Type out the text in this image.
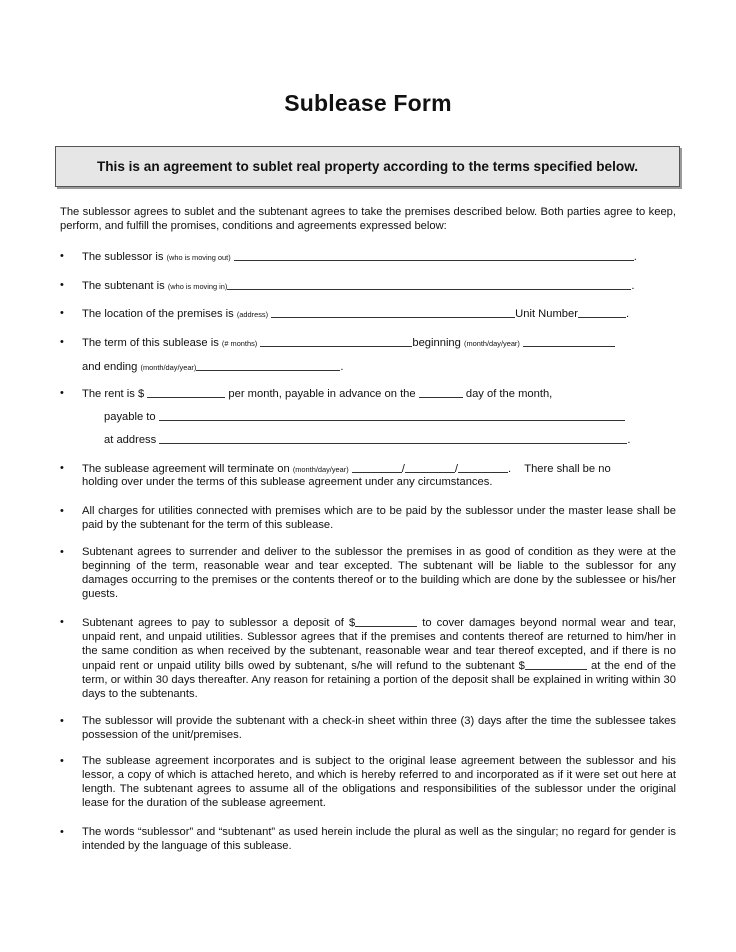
Sublease Form
This is an agreement to sublet real property according to the terms specified below.
The sublessor agrees to sublet and the subtenant agrees to take the premises described below. Both parties agree to keep, perform, and fulfill the promises, conditions and agreements expressed below:
•	The sublessor is (who is moving out)	.
•	The subtenant is (who is moving in)	.
•	The location of the premises is (address)	Unit Number	.
•	The term of this sublease is (# months)	beginning (month/day/year)
and ending (month/day/year)	.
•	The rent is $	per month, payable in advance on the	day of the month,
payable to
at address	.
•	The sublease agreement will terminate on (month/day/year)	/	/	. There shall be no
holding over under the terms of this sublease agreement under any circumstances.
•	All charges for utilities connected with premises which are to be paid by the sublessor under the master lease shall be paid by the subtenant for the term of this sublease.
•	Subtenant agrees to surrender and deliver to the sublessor the premises in as good of condition as they were at the beginning of the term, reasonable wear and tear excepted. The subtenant will be liable to the sublessor for any damages occurring to the premises or the contents thereof or to the building which are done by the sublessee or his/her guests.
•	Subtenant agrees to pay to sublessor a deposit of $	to cover damages beyond normal wear and tear, unpaid rent, and unpaid utilities. Sublessor agrees that if the premises and contents thereof are returned to him/her in the same condition as when received by the subtenant, reasonable wear and tear thereof excepted, and if there is no unpaid rent or unpaid utility bills owed by subtenant, s/he will refund to the subtenant $	at the end of the term, or within 30 days thereafter. Any reason for retaining a portion of the deposit shall be explained in writing within 30 days to the subtenants.
•	The sublessor will provide the subtenant with a check-in sheet within three (3) days after the time the sublessee takes possession of the unit/premises.
•	The sublease agreement incorporates and is subject to the original lease agreement between the sublessor and his lessor, a copy of which is attached hereto, and which is hereby referred to and incorporated as if it were set out here at length. The subtenant agrees to assume all of the obligations and responsibilities of the sublessor under the original lease for the duration of the sublease agreement.
•	The words “sublessor” and “subtenant” as used herein include the plural as well as the singular; no regard for gender is intended by the language of this sublease.
